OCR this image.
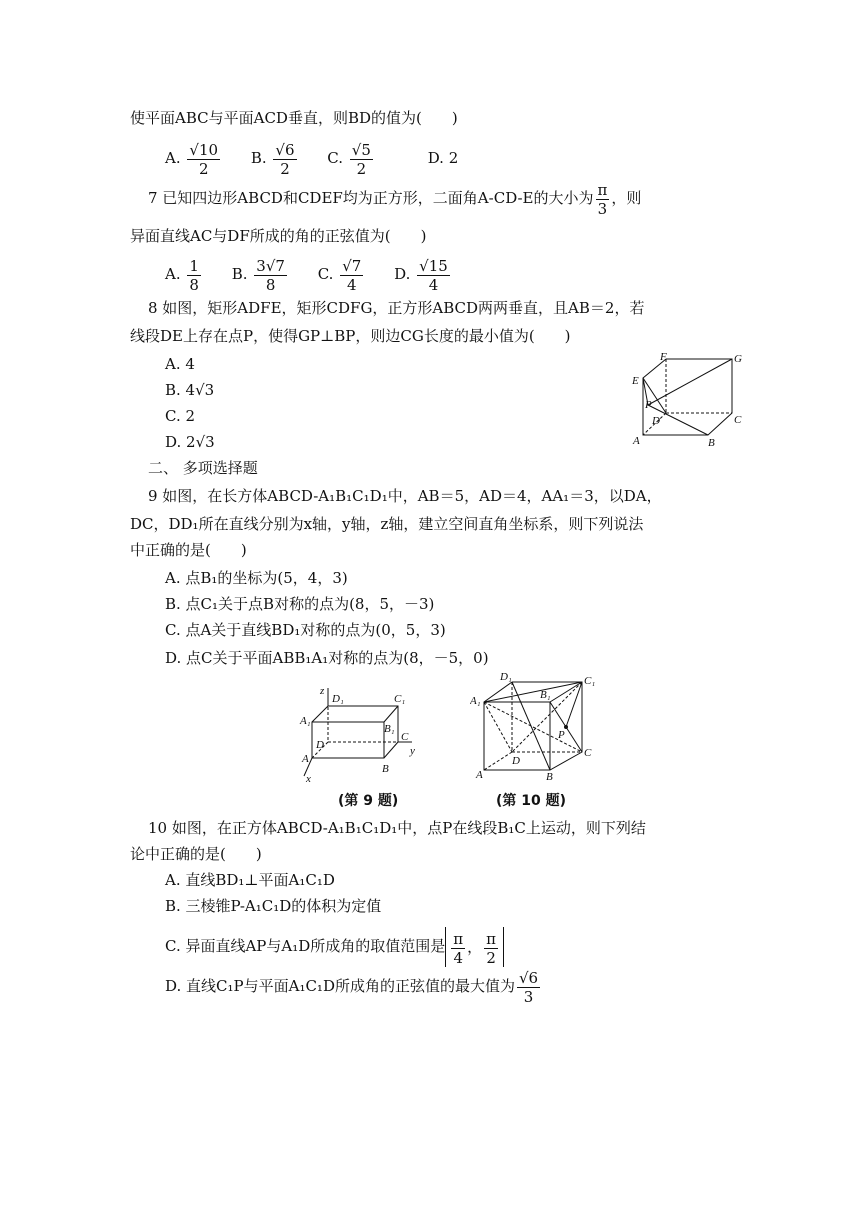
使平面ABC与平面ACD垂直，则BD的值为(　　)
A. $\frac{√10}{2} B$. $\frac{√6}{2} C$. $\frac{√5}{2}$	D. 2
7 已知四边形ABCD和CDEF均为正方形，二面角A-CD-E的大小为 $\frac{\pi}{3}$ ，则
异面直线AC与DF所成的角的正弦值为(　　)
A. $\frac{1}{8} B$. $\frac{3√7}{8} C$. $\frac{√7}{4} D$. $\frac{√15}{4}$
8 如图，矩形ADFE，矩形CDFG，正方形ABCD两两垂直，且AB＝2，若
线段DE上存在点P，使得GP⊥BP，则边CG长度的最小值为(　　)
A. 4
B. 4√3
C. 2
D. 2√3
F	G
E
P
D	C
A	B
二、 多项选择题
9 如图，在长方体ABCD-A₁B₁C₁D₁中，AB＝5，AD＝4，AA₁＝3，以DA，
DC，DD₁所在直线分别为x轴，y轴，z轴，建立空间直角坐标系，则下列说法
中正确的是(　　)
A. 点B₁的坐标为(5，4，3)
B. 点C₁关于点B对称的点为(8，5，－3)
C. 点A关于直线BD₁对称的点为(0，5，3)
D. 点C关于平面ABB₁A₁对称的点为(8，－5，0)
z
D₁	C₁
A₁
B₁
D
C
y
A
B
x
(第 9 题)
D₁	C₁
A₁	B₁
P
D
C
A	B
(第 10 题)
10 如图，在正方体ABCD-A₁B₁C₁D₁中，点P在线段B₁C上运动，则下列结
论中正确的是(　　)
A. 直线BD₁⊥平面A₁C₁D
B. 三棱锥P-A₁C₁D的体积为定值
C. 异面直线AP与A₁D所成角的取值范围是 $\frac{\pi}{4}$ ， $\frac{\pi}{2}$
D. 直线C₁P与平面A₁C₁D所成角的正弦值的最大值为 $\frac{√6}{3}$
